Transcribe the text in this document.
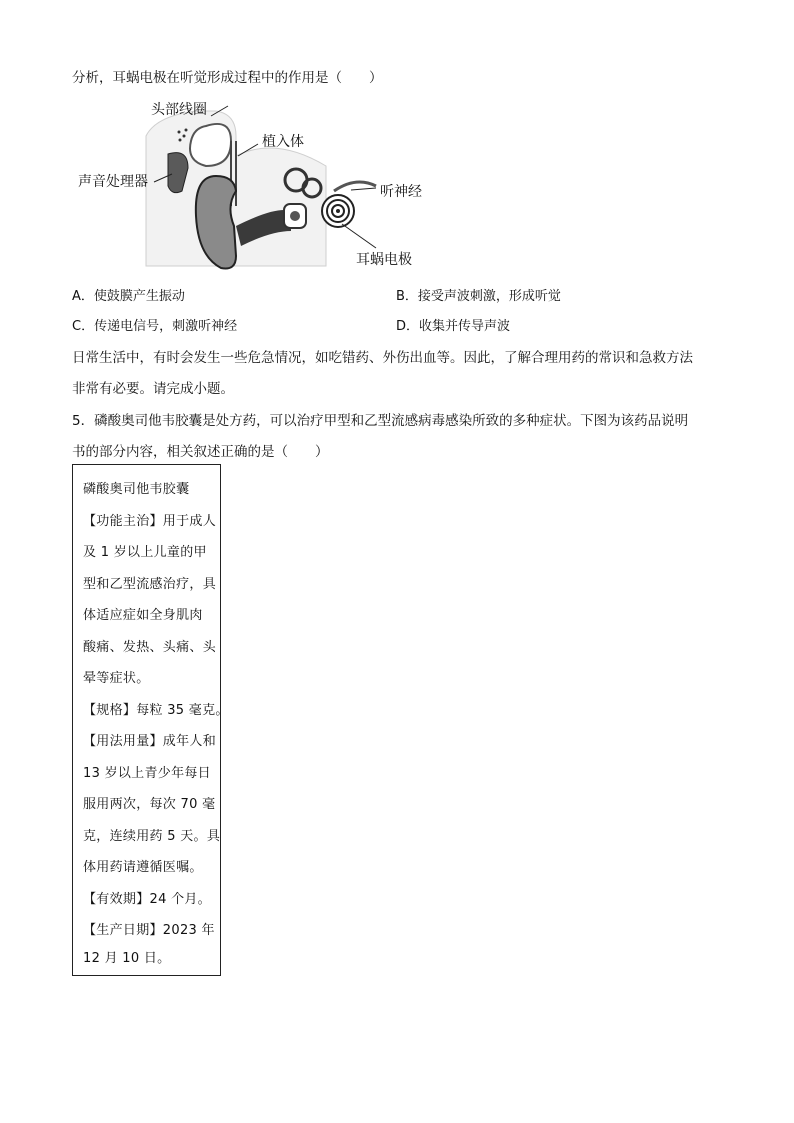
分析，耳蜗电极在听觉形成过程中的作用是（　　）
头部线圈
植入体
声音处理器
听神经
耳蜗电极
A．使鼓膜产生振动	B．接受声波刺激，形成听觉
C．传递电信号，刺激听神经	D．收集并传导声波
日常生活中，有时会发生一些危急情况，如吃错药、外伤出血等。因此，了解合理用药的常识和急救方法
非常有必要。请完成小题。
5．磷酸奥司他韦胶囊是处方药，可以治疗甲型和乙型流感病毒感染所致的多种症状。下图为该药品说明
书的部分内容，相关叙述正确的是（　　）
磷酸奥司他韦胶囊
【功能主治】用于成人
及 1 岁以上儿童的甲
型和乙型流感治疗，具
体适应症如全身肌肉
酸痛、发热、头痛、头
晕等症状。
【规格】每粒 35 毫克。
【用法用量】成年人和
13 岁以上青少年每日
服用两次，每次 70 毫
克，连续用药 5 天。具
体用药请遵循医嘱。
【有效期】24 个月。
【生产日期】2023 年
12 月 10 日。
